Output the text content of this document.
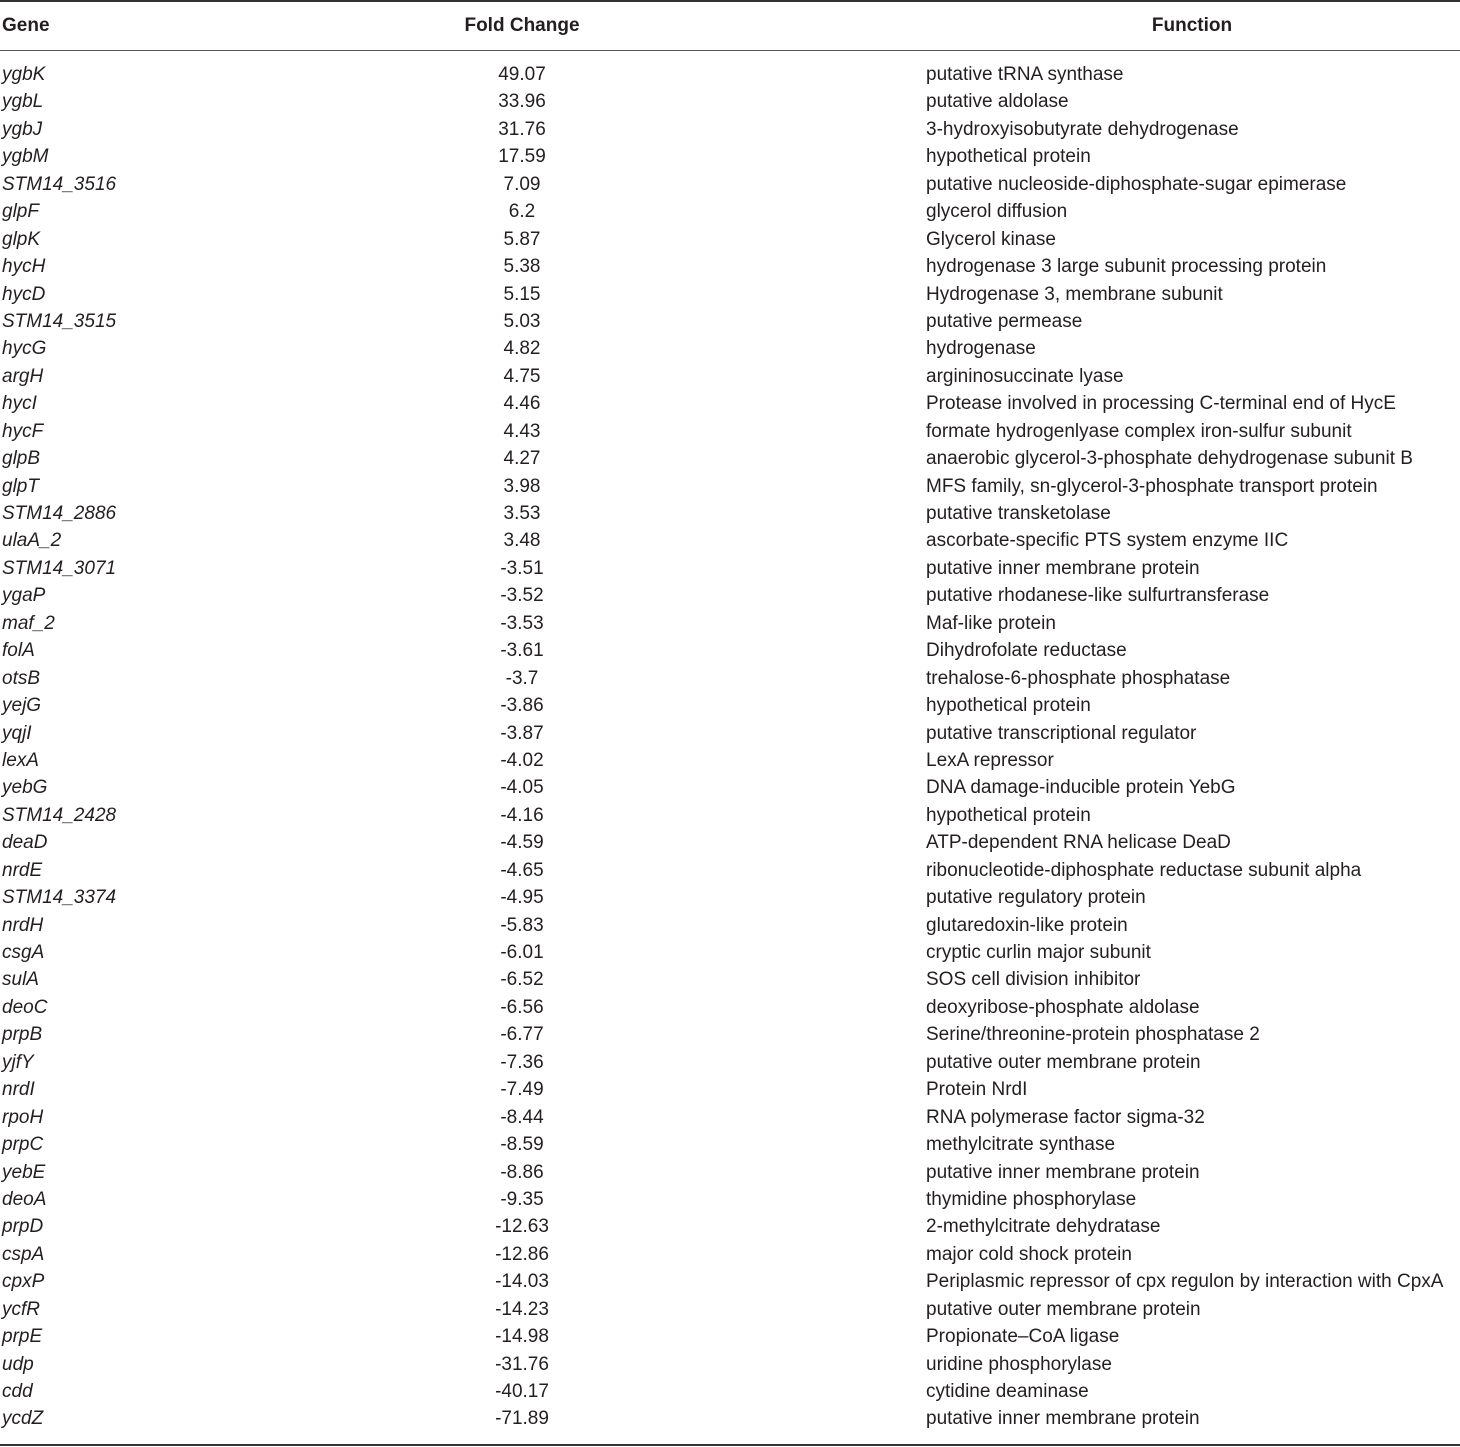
Gene	Fold Change	Function
ygbK	49.07	putative tRNA synthase
ygbL	33.96	putative aldolase
ygbJ	31.76	3-hydroxyisobutyrate dehydrogenase
ygbM	17.59	hypothetical protein
STM14_3516	7.09	putative nucleoside-diphosphate-sugar epimerase
glpF	6.2	glycerol diffusion
glpK	5.87	Glycerol kinase
hycH	5.38	hydrogenase 3 large subunit processing protein
hycD	5.15	Hydrogenase 3, membrane subunit
STM14_3515	5.03	putative permease
hycG	4.82	hydrogenase
argH	4.75	argininosuccinate lyase
hycI	4.46	Protease involved in processing C-terminal end of HycE
hycF	4.43	formate hydrogenlyase complex iron-sulfur subunit
glpB	4.27	anaerobic glycerol-3-phosphate dehydrogenase subunit B
glpT	3.98	MFS family, sn-glycerol-3-phosphate transport protein
STM14_2886	3.53	putative transketolase
ulaA_2	3.48	ascorbate-specific PTS system enzyme IIC
STM14_3071	-3.51	putative inner membrane protein
ygaP	-3.52	putative rhodanese-like sulfurtransferase
maf_2	-3.53	Maf-like protein
folA	-3.61	Dihydrofolate reductase
otsB	-3.7	trehalose-6-phosphate phosphatase
yejG	-3.86	hypothetical protein
yqjI	-3.87	putative transcriptional regulator
lexA	-4.02	LexA repressor
yebG	-4.05	DNA damage-inducible protein YebG
STM14_2428	-4.16	hypothetical protein
deaD	-4.59	ATP-dependent RNA helicase DeaD
nrdE	-4.65	ribonucleotide-diphosphate reductase subunit alpha
STM14_3374	-4.95	putative regulatory protein
nrdH	-5.83	glutaredoxin-like protein
csgA	-6.01	cryptic curlin major subunit
sulA	-6.52	SOS cell division inhibitor
deoC	-6.56	deoxyribose-phosphate aldolase
prpB	-6.77	Serine/threonine-protein phosphatase 2
yjfY	-7.36	putative outer membrane protein
nrdI	-7.49	Protein NrdI
rpoH	-8.44	RNA polymerase factor sigma-32
prpC	-8.59	methylcitrate synthase
yebE	-8.86	putative inner membrane protein
deoA	-9.35	thymidine phosphorylase
prpD	-12.63	2-methylcitrate dehydratase
cspA	-12.86	major cold shock protein
cpxP	-14.03	Periplasmic repressor of cpx regulon by interaction with CpxA
ycfR	-14.23	putative outer membrane protein
prpE	-14.98	Propionate–CoA ligase
udp	-31.76	uridine phosphorylase
cdd	-40.17	cytidine deaminase
ycdZ	-71.89	putative inner membrane protein
